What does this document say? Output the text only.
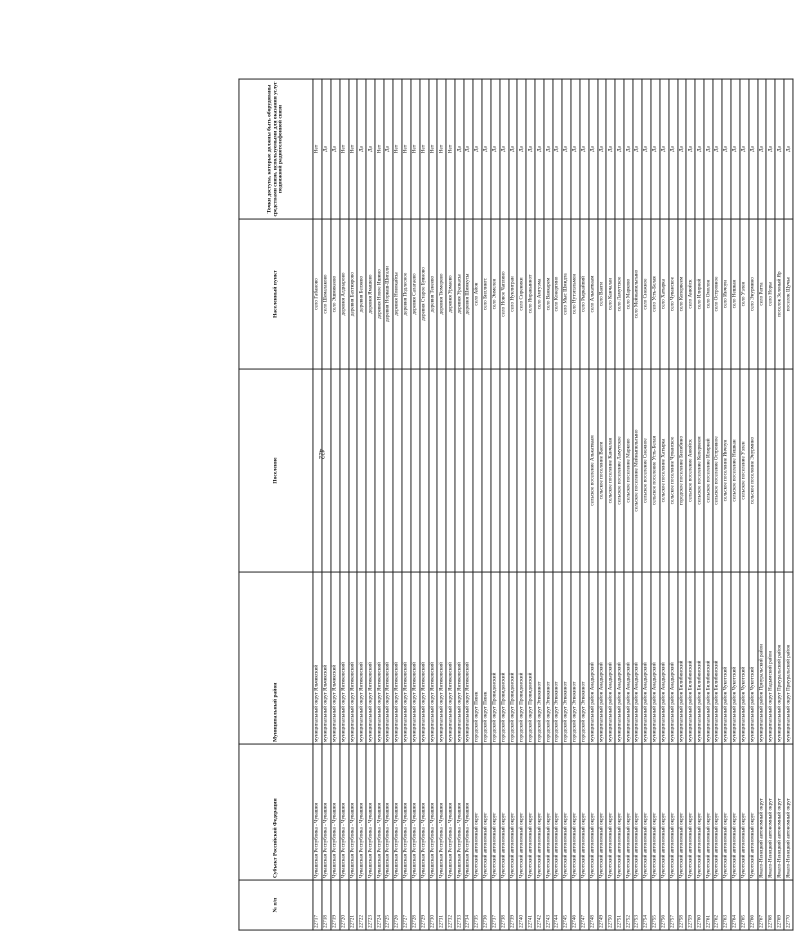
422
№ п/п	Субъект Российской Федерации	Муниципальный район	Поселение	Населенный пункт	Точки доступа, которые должны быть оборудованы средствами связи, используемыми для оказания услуг подвижной радиотелефонной связи
22717	Чувашская Республика - Чувашия	муниципальный округ Яльчикский		село Габаново	Нет
22718	Чувашская Республика - Чувашия	муниципальный округ Яльчикский		село Шемалаково	Да
22719	Чувашская Республика - Чувашия	муниципальный округ Яльчикский		село Эшмикеево	Да
22720	Чувашская Республика - Чувашия	муниципальный округ Янтиковский		деревня Алдиарово	Нет
22721	Чувашская Республика - Чувашия	муниципальный округ Янтиковский		деревня Бахтиярово	Нет
22722	Чувашская Республика - Чувашия	муниципальный округ Янтиковский		деревня Беляево	Да
22723	Чувашская Республика - Чувашия	муниципальный округ Янтиковский		деревня Ямашево	Да
22724	Чувашская Республика - Чувашия	муниципальный округ Янтиковский		деревня Новое Ишино	Нет
22725	Чувашская Республика - Чувашия	муниципальный округ Янтиковский		деревня Норваш-Шигали	Да
22726	Чувашская Республика - Чувашия	муниципальный округ Янтиковский		деревня Новокайсы	Нет
22727	Чувашская Республика - Чувашия	муниципальный округ Янтиковский		деревня Подлесное	Нет
22728	Чувашская Республика - Чувашия	муниципальный округ Янтиковский		деревня Салагаево	Нет
22729	Чувашская Республика - Чувашия	муниципальный округ Янтиковский		деревня Старое Буяново	Нет
22730	Чувашская Республика - Чувашия	муниципальный округ Янтиковский		деревня Тенеево	Нет
22731	Чувашская Республика - Чувашия	муниципальный округ Янтиковский		деревня Тюмерево	Нет
22732	Чувашская Республика - Чувашия	муниципальный округ Янтиковский		деревня Урмаево	Нет
22733	Чувашская Республика - Чувашия	муниципальный округ Янтиковский		деревня Уразкасы	Да
22734	Чувашская Республика - Чувашия	муниципальный округ Янтиковский		деревня Шимкусы	Да
22735	Чукотский автономный округ	городской округ Певек		село Айон	Да
22736	Чукотский автономный округ	городской округ Певек		село Биллингс	Да
22737	Чукотский автономный округ	городской округ Провиденский		село Энмелен	Да
22738	Чукотский автономный округ	городской округ Провиденский		село Новое Чаплино	Да
22739	Чукотский автономный округ	городской округ Провиденский		село Нунлигран	Да
22740	Чукотский автономный округ	городской округ Провиденский		село Сиреники	Да
22741	Чукотский автономный округ	городской округ Провиденский		село Янракыннот	Да
22742	Чукотский автономный округ	городской округ Эгвекинот		село Амгуэма	Да
22743	Чукотский автономный округ	городской округ Эгвекинот		село Ванкарем	Да
22744	Чукотский автономный округ	городской округ Эгвекинот		село Конергино	Да
22745	Чукотский автономный округ	городской округ Эгвекинот		село Мыс Шмидта	Да
22746	Чукотский автономный округ	городской округ Эгвекинот		село Нутэпэльмен	Да
22747	Чукотский автономный округ	городской округ Эгвекинот		село Рыркайпий	Да
22748	Чукотский автономный округ	муниципальный район Анадырский	сельское поселение Алькатваам	село Алькатваам	Да
22749	Чукотский автономный округ	муниципальный район Анадырский	сельское поселение Ваеги	село Ваеги	Да
22750	Чукотский автономный округ	муниципальный район Анадырский	сельское поселение Канчалан	село Канчалан	Да
22751	Чукотский автономный округ	муниципальный район Анадырский	сельское поселение Ламутское	село Ламутское	Да
22752	Чукотский автономный округ	муниципальный район Анадырский	сельское поселение Марково	село Марково	Да
22753	Чукотский автономный округ	муниципальный район Анадырский	сельское поселение Мейныпильгыно	село Мейныпильгыно	Да
22754	Чукотский автономный округ	муниципальный район Анадырский	сельское поселение Снежное	село Снежное	Да
22755	Чукотский автономный округ	муниципальный район Анадырский	сельское поселение Усть-Белая	село Усть-Белая	Да
22756	Чукотский автономный округ	муниципальный район Анадырский	сельское поселение Хатырка	село Хатырка	Да
22757	Чукотский автономный округ	муниципальный район Анадырский	сельское поселение Чуванское	село Чуванское	Да
22758	Чукотский автономный округ	муниципальный район Билибинский	городское поселение Билибино	село Кепервеем	Да
22759	Чукотский автономный округ	муниципальный район Билибинский	сельское поселение Анюйск	село Анюйск	Да
22760	Чукотский автономный округ	муниципальный район Билибинский	сельское поселение Кепервеем	село Илирней	Да
22761	Чукотский автономный округ	муниципальный район Билибинский	сельское поселение Илирней	село Омолон	Да
22762	Чукотский автономный округ	муниципальный район Билибинский	сельское поселение Островное	село Островное	Да
22763	Чукотский автономный округ	муниципальный район Чукотский	сельское поселение Инчоун	село Инчоун	Да
22764	Чукотский автономный округ	муниципальный район Чукотский	сельское поселение Нешкан	село Нешкан	Да
22765	Чукотский автономный округ	муниципальный район Чукотский	сельское поселение Уэлен	село Уэлен	Да
22766	Чукотский автономный округ	муниципальный район Чукотский	сельское поселение Энурмино	село Энурмино	Да
22767	Ямало-Ненецкий автономный округ	муниципальный район Приуральский район		село Ратта	Да
22768	Ямало-Ненецкий автономный округ	муниципальный округ Надымский район		село Норы	Да
22769	Ямало-Ненецкий автономный округ	муниципальный округ Приуральский район		поселок Зеленый Яр	Да
22770	Ямало-Ненецкий автономный округ	муниципальный округ Приуральский район		поселок Щучье	Да
